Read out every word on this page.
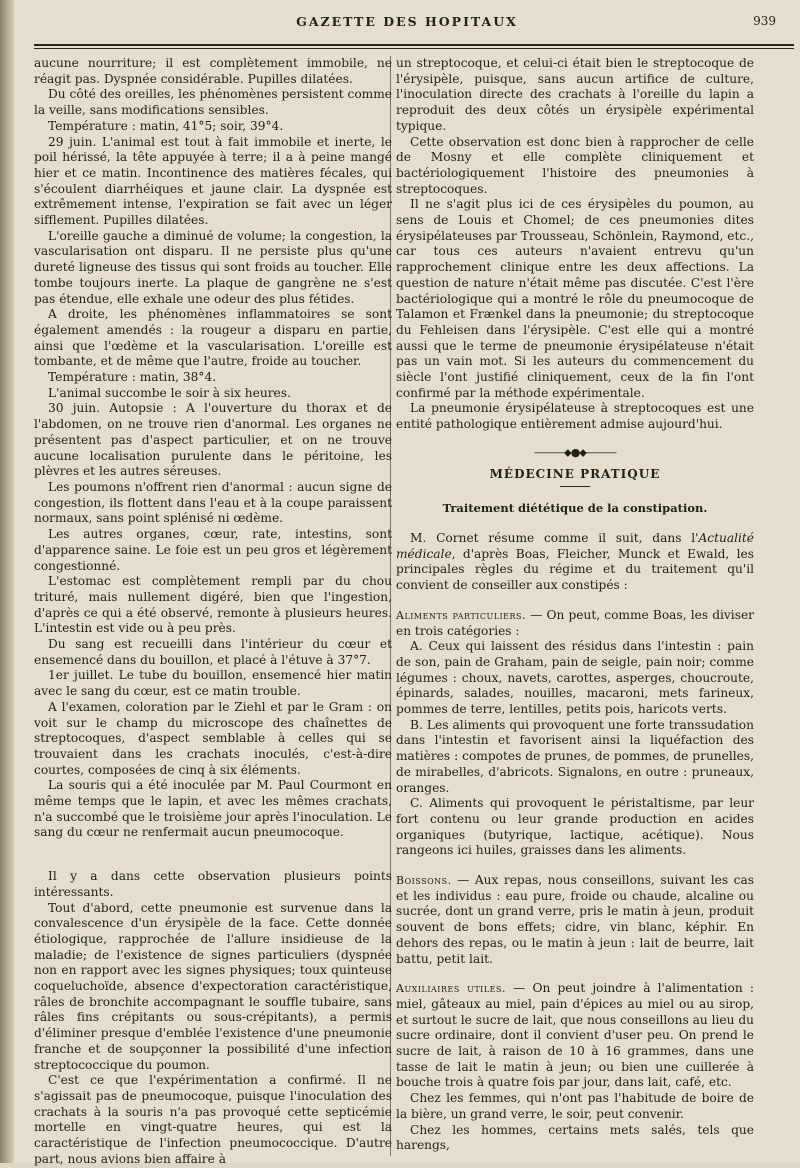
GAZETTE DES HOPITAUX	939

aucune nourriture; il est complètement immobile, ne réagit pas. Dyspnée considérable. Pupilles dilatées.

Du côté des oreilles, les phénomènes persistent comme la veille, sans modifications sensibles.

Température : matin, 41°5; soir, 39°4.

29 juin. L'animal est tout à fait immobile et inerte, le poil hérissé, la tête appuyée à terre; il a à peine mangé hier et ce matin. Incontinence des matières fécales, qui s'écoulent diarrhéiques et jaune clair. La dyspnée est extrêmement intense, l'expiration se fait avec un léger sifflement. Pupilles dilatées.

L'oreille gauche a diminué de volume; la congestion, la vascularisation ont disparu. Il ne persiste plus qu'une dureté ligneuse des tissus qui sont froids au toucher. Elle tombe toujours inerte. La plaque de gangrène ne s'est pas étendue, elle exhale une odeur des plus fétides.

A droite, les phénomènes inflammatoires se sont également amendés : la rougeur a disparu en partie, ainsi que l'œdème et la vascularisation. L'oreille est tombante, et de même que l'autre, froide au toucher.

Température : matin, 38°4.

L'animal succombe le soir à six heures.

30 juin. Autopsie : A l'ouverture du thorax et de l'abdomen, on ne trouve rien d'anormal. Les organes ne présentent pas d'aspect particulier, et on ne trouve aucune localisation purulente dans le péritoine, les plèvres et les autres séreuses.

Les poumons n'offrent rien d'anormal : aucun signe de congestion, ils flottent dans l'eau et à la coupe paraissent normaux, sans point splénisé ni œdème.

Les autres organes, cœur, rate, intestins, sont d'apparence saine. Le foie est un peu gros et légèrement congestionné.

L'estomac est complètement rempli par du chou trituré, mais nullement digéré, bien que l'ingestion, d'après ce qui a été observé, remonte à plusieurs heures. L'intestin est vide ou à peu près.

Du sang est recueilli dans l'intérieur du cœur et ensemencé dans du bouillon, et placé à l'étuve à 37°7.

1er juillet. Le tube du bouillon, ensemencé hier matin avec le sang du cœur, est ce matin trouble.

A l'examen, coloration par le Ziehl et par le Gram : on voit sur le champ du microscope des chaînettes de streptocoques, d'aspect semblable à celles qui se trouvaient dans les crachats inoculés, c'est-à-dire courtes, composées de cinq à six éléments.

La souris qui a été inoculée par M. Paul Courmont en même temps que le lapin, et avec les mêmes crachats, n'a succombé que le troisième jour après l'inoculation. Le sang du cœur ne renfermait aucun pneumocoque.

Il y a dans cette observation plusieurs points intéressants.

Tout d'abord, cette pneumonie est survenue dans la convalescence d'un érysipèle de la face. Cette donnée étiologique, rapprochée de l'allure insidieuse de la maladie; de l'existence de signes particuliers (dyspnée non en rapport avec les signes physiques; toux quinteuse coqueluchoïde, absence d'expectoration caractéristique, râles de bronchite accompagnant le souffle tubaire, sans râles fins crépitants ou sous-crépitants), a permis d'éliminer presque d'emblée l'existence d'une pneumonie franche et de soupçonner la possibilité d'une infection streptococcique du poumon.

C'est ce que l'expérimentation a confirmé. Il ne s'agissait pas de pneumocoque, puisque l'inoculation des crachats à la souris n'a pas provoqué cette septicémie mortelle en vingt-quatre heures, qui est la caractéristique de l'infection pneumococcique. D'autre part, nous avions bien affaire à

un streptocoque, et celui-ci était bien le streptocoque de l'érysipèle, puisque, sans aucun artifice de culture, l'inoculation directe des crachats à l'oreille du lapin a reproduit des deux côtés un érysipèle expérimental typique.

Cette observation est donc bien à rapprocher de celle de Mosny et elle complète cliniquement et bactériologiquement l'histoire des pneumonies à streptocoques.

Il ne s'agit plus ici de ces érysipèles du poumon, au sens de Louis et Chomel; de ces pneumonies dites érysipélateuses par Trousseau, Schönlein, Raymond, etc., car tous ces auteurs n'avaient entrevu qu'un rapprochement clinique entre les deux affections. La question de nature n'était même pas discutée. C'est l'ère bactériologique qui a montré le rôle du pneumocoque de Talamon et Frænkel dans la pneumonie; du streptocoque du Fehleisen dans l'érysipèle. C'est elle qui a montré aussi que le terme de pneumonie érysipélateuse n'était pas un vain mot. Si les auteurs du commencement du siècle l'ont justifié cliniquement, ceux de la fin l'ont confirmé par la méthode expérimentale.

La pneumonie érysipélateuse à streptocoques est une entité pathologique entièrement admise aujourd'hui.

———⬥●⬥———
MÉDECINE PRATIQUE
Traitement diététique de la constipation.

M. Cornet résume comme il suit, dans l'Actualité médicale, d'après Boas, Fleicher, Munck et Ewald, les principales règles du régime et du traitement qu'il convient de conseiller aux constipés :

Aliments particuliers. — On peut, comme Boas, les diviser en trois catégories :

A. Ceux qui laissent des résidus dans l'intestin : pain de son, pain de Graham, pain de seigle, pain noir; comme légumes : choux, navets, carottes, asperges, choucroute, épinards, salades, nouilles, macaroni, mets farineux, pommes de terre, lentilles, petits pois, haricots verts.

B. Les aliments qui provoquent une forte transsudation dans l'intestin et favorisent ainsi la liquéfaction des matières : compotes de prunes, de pommes, de prunelles, de mirabelles, d'abricots. Signalons, en outre : pruneaux, oranges.

C. Aliments qui provoquent le péristaltisme, par leur fort contenu ou leur grande production en acides organiques (butyrique, lactique, acétique). Nous rangeons ici huiles, graisses dans les aliments.

Boissons. — Aux repas, nous conseillons, suivant les cas et les individus : eau pure, froide ou chaude, alcaline ou sucrée, dont un grand verre, pris le matin à jeun, produit souvent de bons effets; cidre, vin blanc, képhir. En dehors des repas, ou le matin à jeun : lait de beurre, lait battu, petit lait.

Auxiliaires utiles. — On peut joindre à l'alimentation : miel, gâteaux au miel, pain d'épices au miel ou au sirop, et surtout le sucre de lait, que nous conseillons au lieu du sucre ordinaire, dont il convient d'user peu. On prend le sucre de lait, à raison de 10 à 16 grammes, dans une tasse de lait le matin à jeun; ou bien une cuillerée à bouche trois à quatre fois par jour, dans lait, café, etc.

Chez les femmes, qui n'ont pas l'habitude de boire de la bière, un grand verre, le soir, peut convenir.

Chez les hommes, certains mets salés, tels que harengs,
